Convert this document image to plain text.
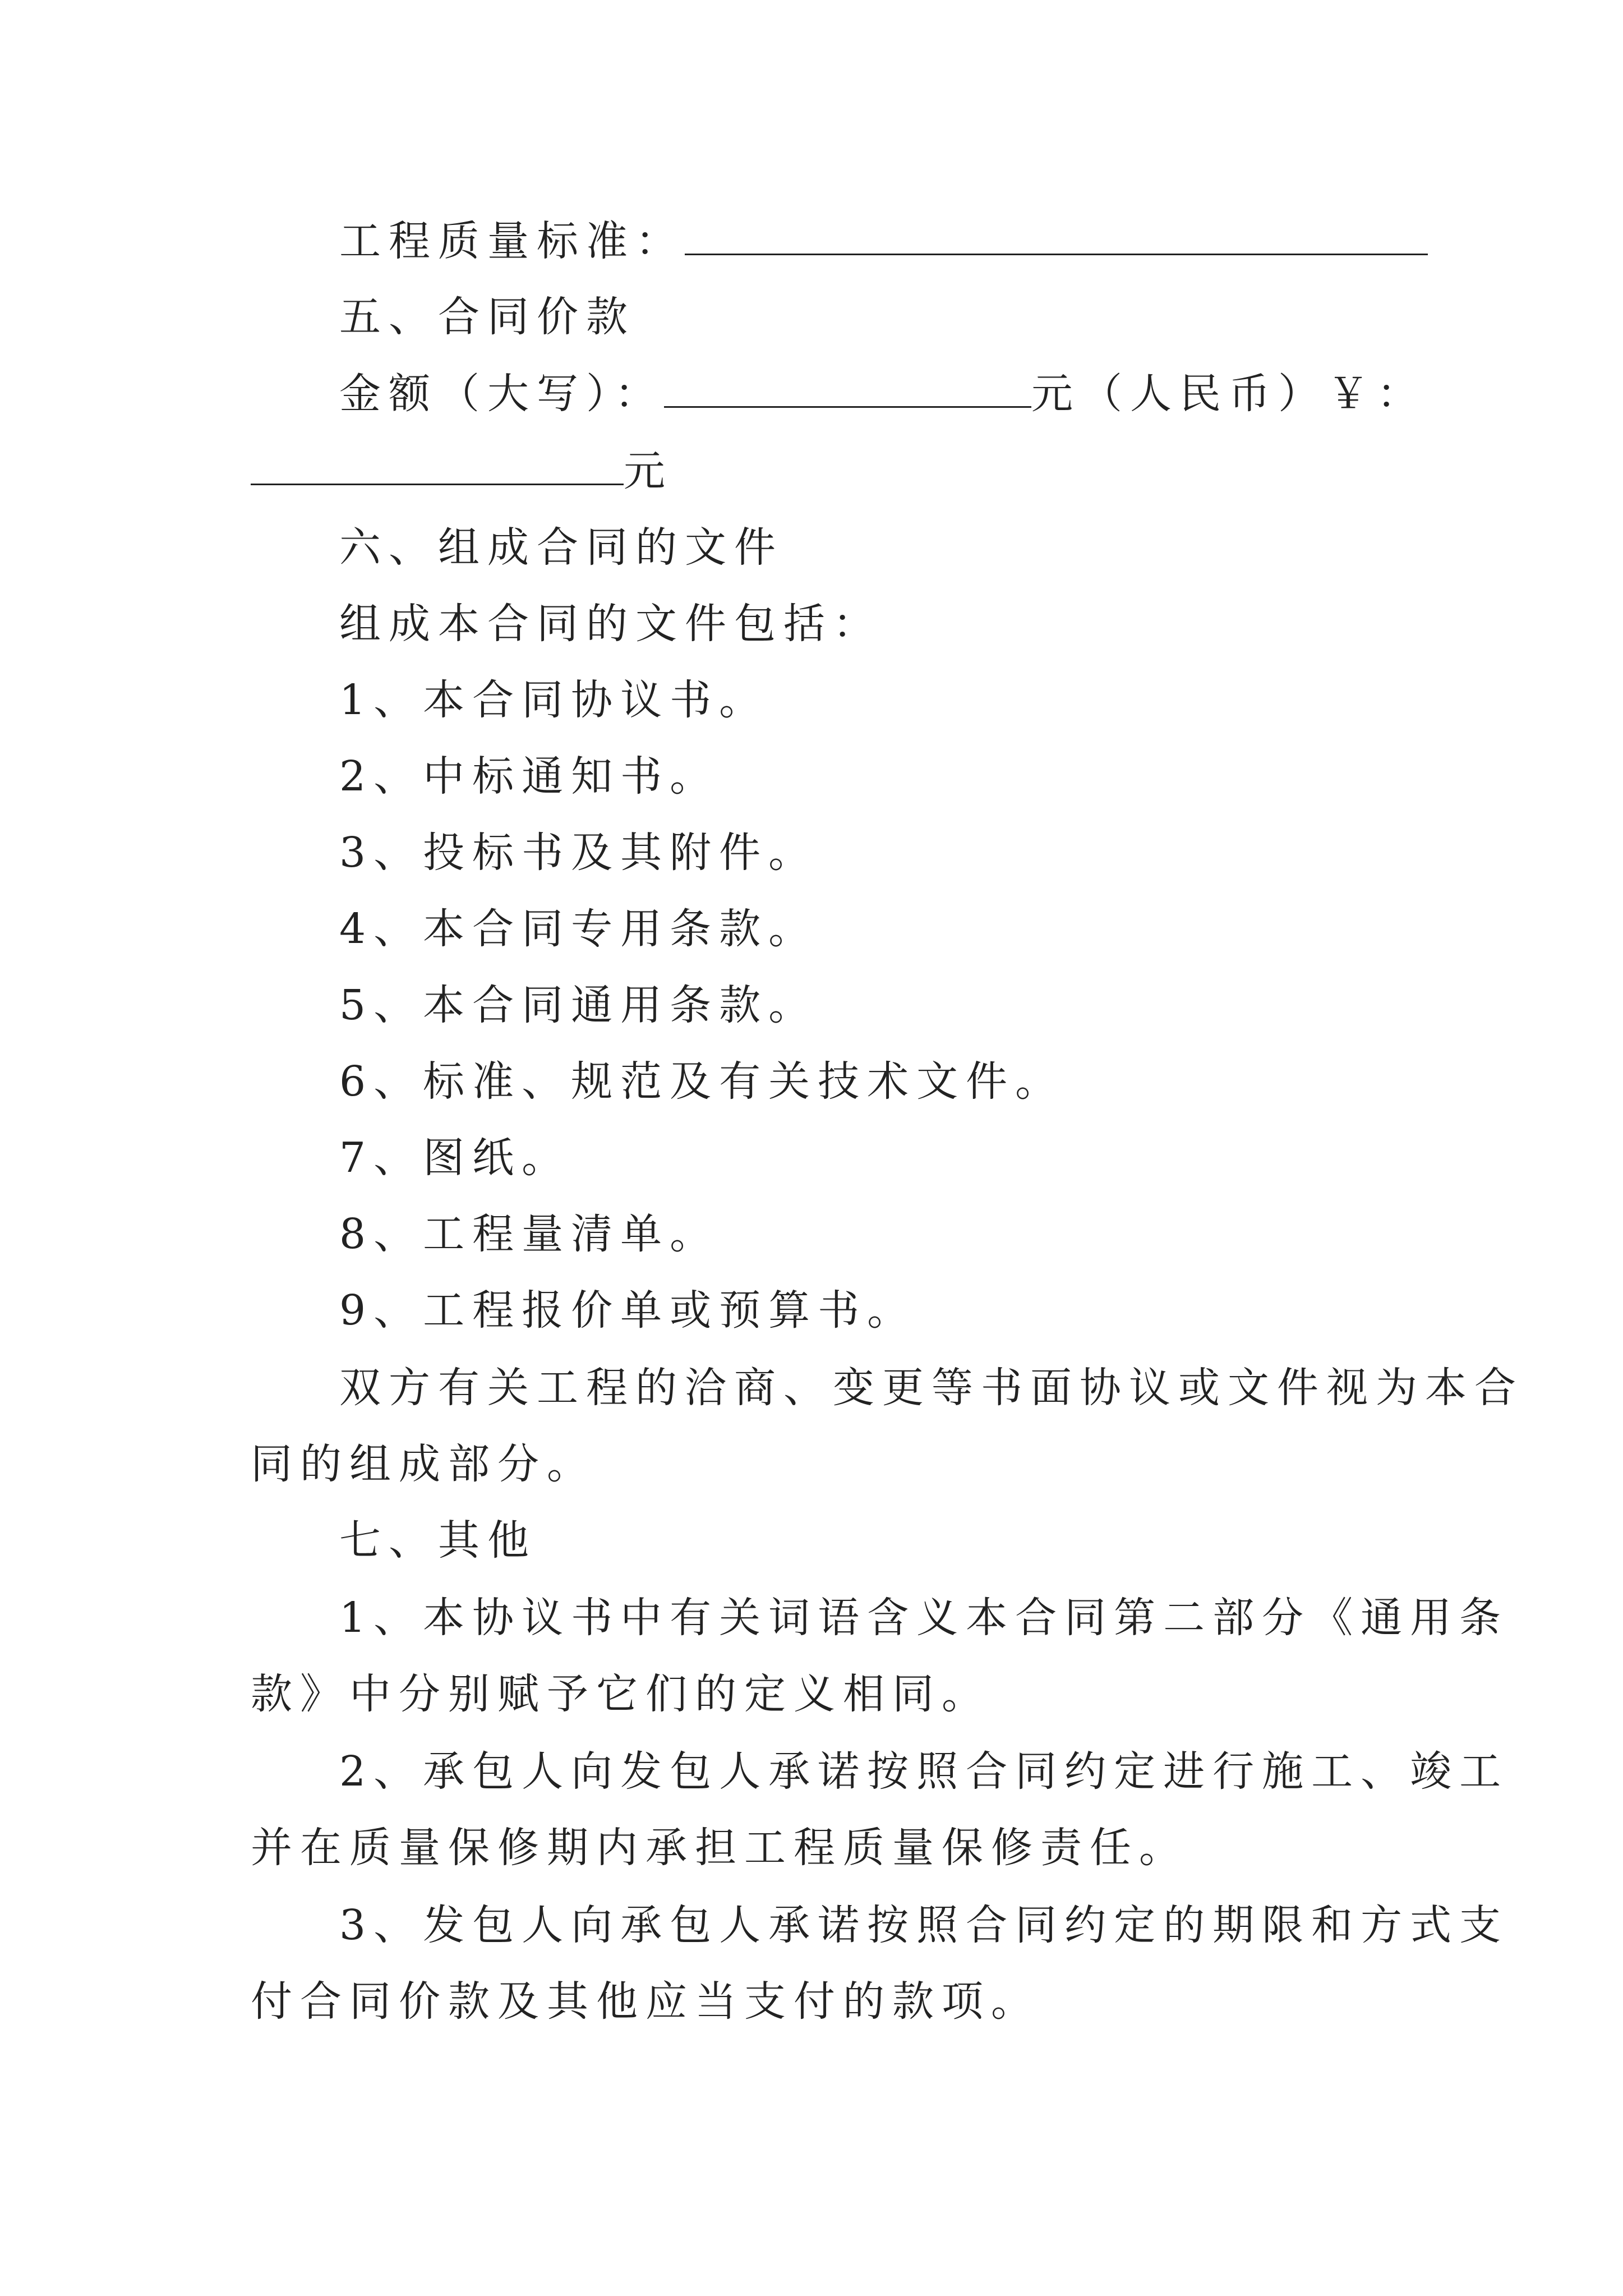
工程质量标准：
五、合同价款
金额（大写）：	元（人民币）￥：
元
六、组成合同的文件
组成本合同的文件包括：
1、本合同协议书。
2、中标通知书。
3、投标书及其附件。
4、本合同专用条款。
5、本合同通用条款。
6、标准、规范及有关技术文件。
7、图纸。
8、工程量清单。
9、工程报价单或预算书。
双方有关工程的洽商、变更等书面协议或文件视为本合
同的组成部分。
七、其他
1、本协议书中有关词语含义本合同第二部分《通用条
款》中分别赋予它们的定义相同。
2、承包人向发包人承诺按照合同约定进行施工、竣工
并在质量保修期内承担工程质量保修责任。
3、发包人向承包人承诺按照合同约定的期限和方式支
付合同价款及其他应当支付的款项。
